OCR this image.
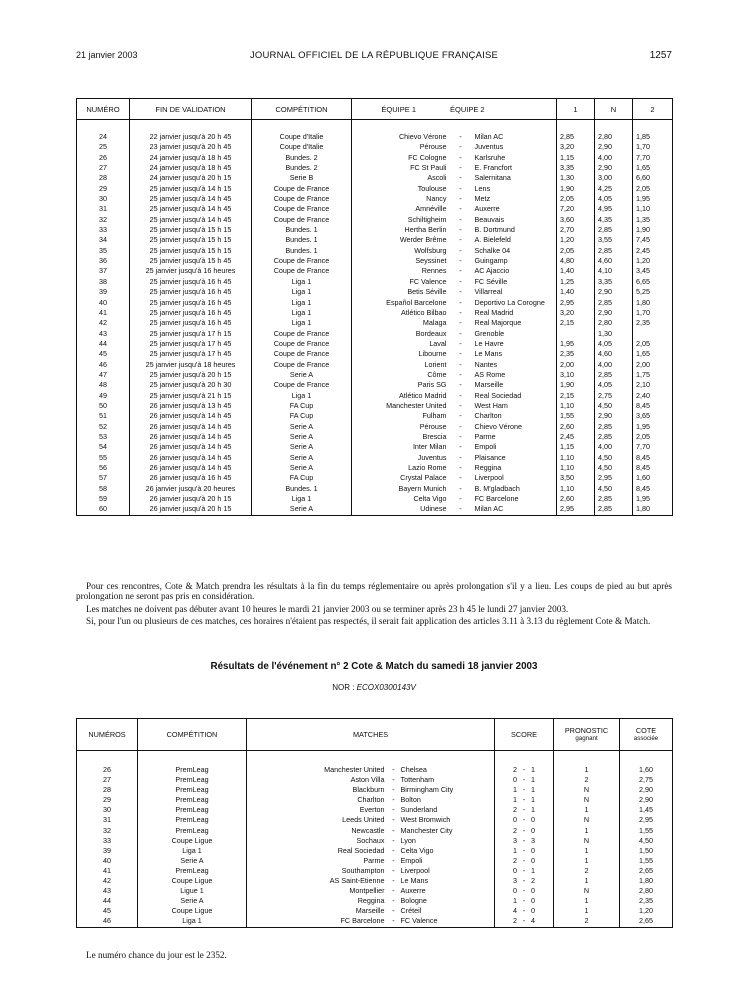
21 janvier 2003	JOURNAL OFFICIEL DE LA RÉPUBLIQUE FRANÇAISE	1257
NUMÉRO	FIN DE VALIDATION	COMPÉTITION	ÉQUIPE 1 ÉQUIPE 2		1	N	2

24	22 janvier jusqu'à 20 h 45	Coupe d'Italie	Chievo Vérone	- Milan AC	2,85	2,80	1,85
25	23 janvier jusqu'à 20 h 45	Coupe d'Italie	Pérouse	- Juventus	3,20	2,90	1,70
26	24 janvier jusqu'à 18 h 45	Bundes. 2	FC Cologne	- Karlsruhe	1,15	4,00	7,70
27	24 janvier jusqu'à 18 h 45	Bundes. 2	FC St Pauli	- E. Francfort	3,35	2,90	1,65
28	24 janvier jusqu'à 20 h 15	Serie B	Ascoli	- Salernitana	1,30	3,00	6,60
29	25 janvier jusqu'à 14 h 15	Coupe de France	Toulouse	- Lens	1,90	4,25	2,05
30	25 janvier jusqu'à 14 h 45	Coupe de France	Nancy	- Metz	2,05	4,05	1,95
31	25 janvier jusqu'à 14 h 45	Coupe de France	Amnéville	- Auxerre	7,20	4,95	1,10
32	25 janvier jusqu'à 14 h 45	Coupe de France	Schiltigheim	- Beauvais	3,60	4,35	1,35
33	25 janvier jusqu'à 15 h 15	Bundes. 1	Hertha Berlin	- B. Dortmund	2,70	2,85	1,90
34	25 janvier jusqu'à 15 h 15	Bundes. 1	Werder Brême	- A. Bielefeld	1,20	3,55	7,45
35	25 janvier jusqu'à 15 h 15	Bundes. 1	Wolfsburg	- Schalke 04	2,05	2,85	2,45
36	25 janvier jusqu'à 15 h 45	Coupe de France	Seyssinet	- Guingamp	4,80	4,60	1,20
37	25 janvier jusqu'à 16 heures	Coupe de France	Rennes	- AC Ajaccio	1,40	4,10	3,45
38	25 janvier jusqu'à 16 h 45	Liga 1	FC Valence	- FC Séville	1,25	3,35	6,65
39	25 janvier jusqu'à 16 h 45	Liga 1	Betis Séville	- Villarreal	1,40	2,90	5,25
40	25 janvier jusqu'à 16 h 45	Liga 1	Español Barcelone	- Deportivo La Corogne	2,95	2,85	1,80
41	25 janvier jusqu'à 16 h 45	Liga 1	Atlético Bilbao	- Real Madrid	3,20	2,90	1,70
42	25 janvier jusqu'à 16 h 45	Liga 1	Malaga	- Real Majorque	2,15	2,80	2,35
43	25 janvier jusqu'à 17 h 15	Coupe de France	Bordeaux	- Grenoble		1,30	
44	25 janvier jusqu'à 17 h 45	Coupe de France	Laval	- Le Havre	1,95	4,05	2,05
45	25 janvier jusqu'à 17 h 45	Coupe de France	Libourne	- Le Mans	2,35	4,60	1,65
46	25 janvier jusqu'à 18 heures	Coupe de France	Lorient	- Nantes	2,00	4,00	2,00
47	25 janvier jusqu'à 20 h 15	Serie A	Côme	- AS Rome	3,10	2,85	1,75
48	25 janvier jusqu'à 20 h 30	Coupe de France	Paris SG	- Marseille	1,90	4,05	2,10
49	25 janvier jusqu'à 21 h 15	Liga 1	Atlético Madrid	- Real Sociedad	2,15	2,75	2,40
50	26 janvier jusqu'à 13 h 45	FA Cup	Manchester United	- West Ham	1,10	4,50	8,45
51	26 janvier jusqu'à 14 h 45	FA Cup	Fulham	- Charlton	1,55	2,90	3,65
52	26 janvier jusqu'à 14 h 45	Serie A	Pérouse	- Chievo Vérone	2,60	2,85	1,95
53	26 janvier jusqu'à 14 h 45	Serie A	Brescia	- Parme	2,45	2,85	2,05
54	26 janvier jusqu'à 14 h 45	Serie A	Inter Milan	- Empoli	1,15	4,00	7,70
55	26 janvier jusqu'à 14 h 45	Serie A	Juventus	- Plaisance	1,10	4,50	8,45
56	26 janvier jusqu'à 14 h 45	Serie A	Lazio Rome	- Reggina	1,10	4,50	8,45
57	26 janvier jusqu'à 16 h 45	FA Cup	Crystal Palace	- Liverpool	3,50	2,95	1,60
58	26 janvier jusqu'à 20 heures	Bundes. 1	Bayern Munich	- B. M'gladbach	1,10	4,50	8,45
59	26 janvier jusqu'à 20 h 15	Liga 1	Celta Vigo	- FC Barcelone	2,60	2,85	1,95
60	26 janvier jusqu'à 20 h 15	Serie A	Udinese	- Milan AC	2,95	2,85	1,80
Pour ces rencontres, Cote & Match prendra les résultats à la fin du temps réglementaire ou après prolongation s'il y a lieu. Les coups de pied au but après prolongation ne seront pas pris en considération.
Les matches ne doivent pas débuter avant 10 heures le mardi 21 janvier 2003 ou se terminer après 23 h 45 le lundi 27 janvier 2003.
Si, pour l'un ou plusieurs de ces matches, ces horaires n'étaient pas respectés, il serait fait application des articles 3.11 à 3.13 du règlement Cote & Match.
Résultats de l'événement n° 2 Cote & Match du samedi 18 janvier 2003
NOR : ECOX0300143V
NUMÉROS	COMPÉTITION	MATCHES		SCORE	PRONOSTIC
gagnant	COTE
associée

26	PremLeag	Manchester United	- Chelsea	2 - 1	1	1,60
27	PremLeag	Aston Villa	- Tottenham	0 - 1	2	2,75
28	PremLeag	Blackburn	- Birmingham City	1 - 1	N	2,90
29	PremLeag	Charlton	- Bolton	1 - 1	N	2,90
30	PremLeag	Everton	- Sunderland	2 - 1	1	1,45
31	PremLeag	Leeds United	- West Bromwich	0 - 0	N	2,95
32	PremLeag	Newcastle	- Manchester City	2 - 0	1	1,55
33	Coupe Ligue	Sochaux	- Lyon	3 - 3	N	4,50
39	Liga 1	Real Sociedad	- Celta Vigo	1 - 0	1	1,50
40	Serie A	Parme	- Empoli	2 - 0	1	1,55
41	PremLeag	Southampton	- Liverpool	0 - 1	2	2,65
42	Coupe Ligue	AS Saint-Etienne	- Le Mans	3 - 2	1	1,80
43	Ligue 1	Montpellier	- Auxerre	0 - 0	N	2,80
44	Serie A	Reggina	- Bologne	1 - 0	1	2,35
45	Coupe Ligue	Marseille	- Créteil	4 - 0	1	1,20
46	Liga 1	FC Barcelone	- FC Valence	2 - 4	2	2,65
Le numéro chance du jour est le 2352.
